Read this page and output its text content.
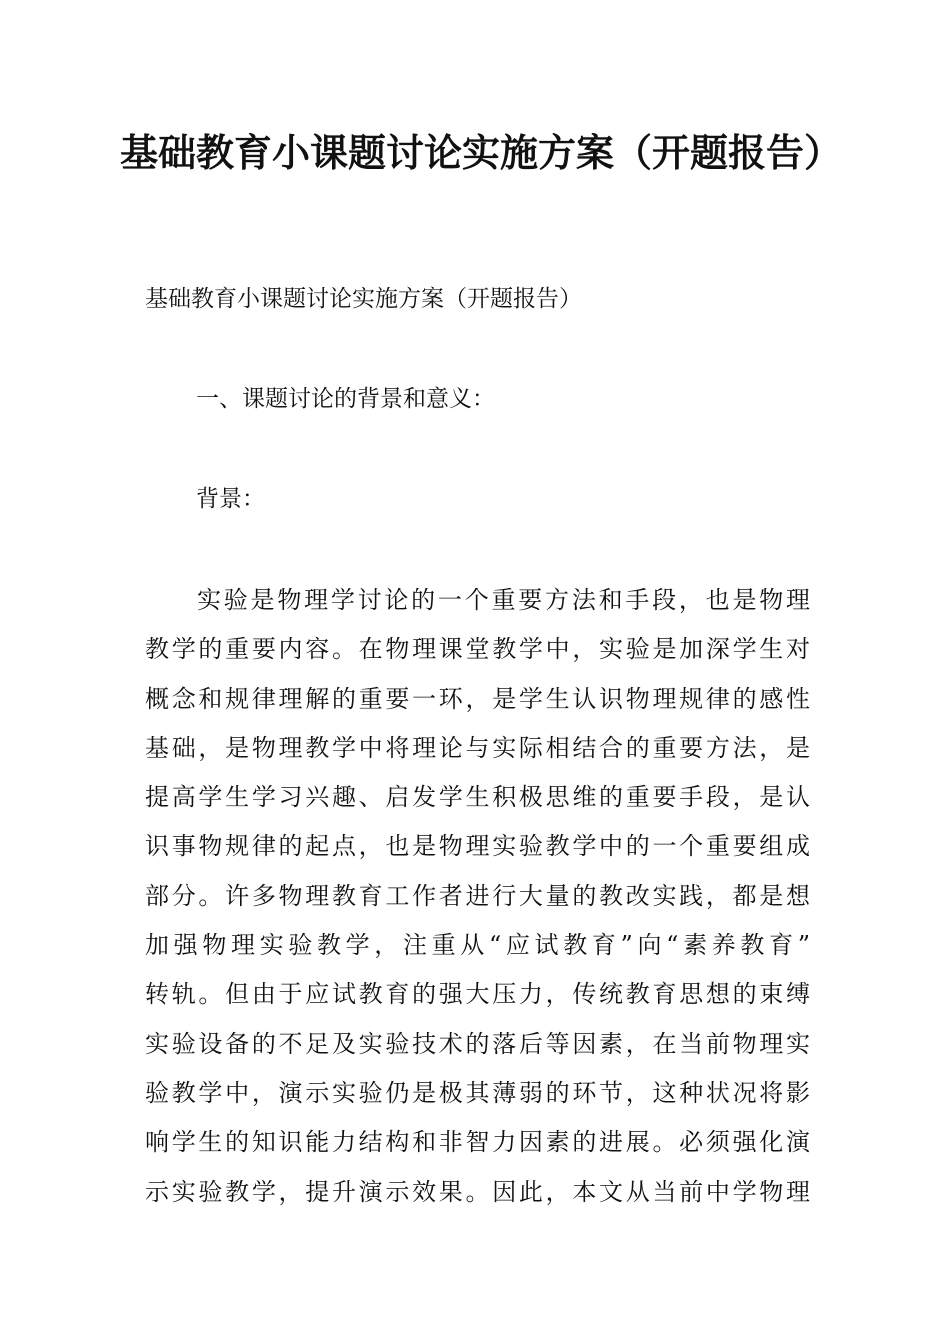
基础教育小课题讨论实施方案（开题报告）

基础教育小课题讨论实施方案（开题报告）

一、课题讨论的背景和意义：

背景：

实验是物理学讨论的一个重要方法和手段，也是物理
教学的重要内容。在物理课堂教学中，实验是加深学生对
概念和规律理解的重要一环，是学生认识物理规律的感性
基础，是物理教学中将理论与实际相结合的重要方法，是
提高学生学习兴趣、启发学生积极思维的重要手段，是认
识事物规律的起点，也是物理实验教学中的一个重要组成
部分。许多物理教育工作者进行大量的教改实践，都是想
加强物理实验教学，注重从“应试教育”向“素养教育”
转轨。但由于应试教育的强大压力，传统教育思想的束缚
实验设备的不足及实验技术的落后等因素，在当前物理实
验教学中，演示实验仍是极其薄弱的环节，这种状况将影
响学生的知识能力结构和非智力因素的进展。必须强化演
示实验教学，提升演示效果。因此，本文从当前中学物理
